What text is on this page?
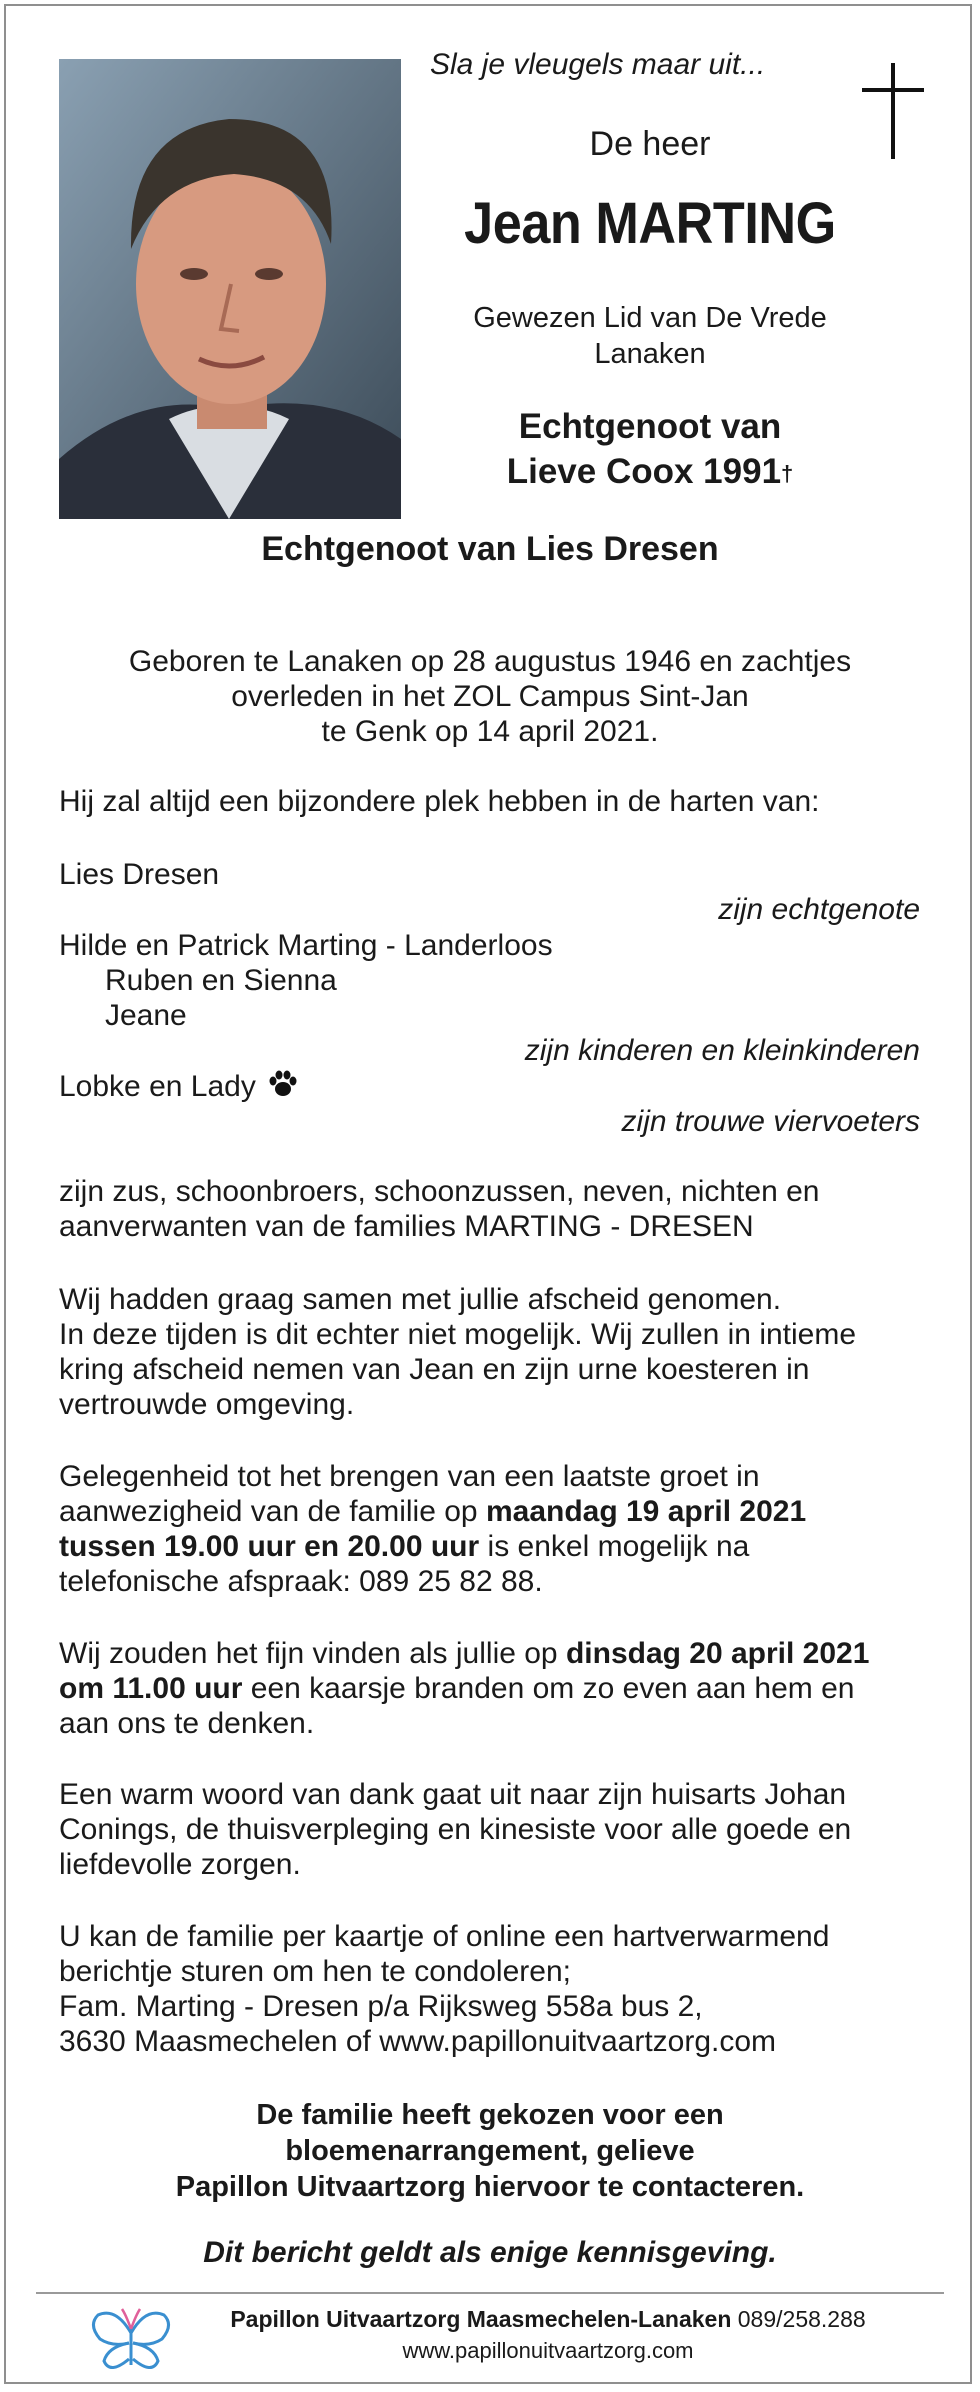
Sla je vleugels maar uit...
De heer
Jean MARTING
Gewezen Lid van De Vrede
Lanaken
Echtgenoot van
Lieve Coox 1991†
Echtgenoot van Lies Dresen
Geboren te Lanaken op 28 augustus 1946 en zachtjes
overleden in het ZOL Campus Sint-Jan
te Genk op 14 april 2021.
Hij zal altijd een bijzondere plek hebben in de harten van:
Lies Dresen
zijn echtgenote
Hilde en Patrick Marting - Landerloos
Ruben en Sienna
Jeane
zijn kinderen en kleinkinderen
Lobke en Lady
zijn trouwe viervoeters
zijn zus, schoonbroers, schoonzussen, neven, nichten en
aanverwanten van de families MARTING - DRESEN
Wij hadden graag samen met jullie afscheid genomen.
In deze tijden is dit echter niet mogelijk. Wij zullen in intieme
kring afscheid nemen van Jean en zijn urne koesteren in
vertrouwde omgeving.
Gelegenheid tot het brengen van een laatste groet in
aanwezigheid van de familie op maandag 19 april 2021
tussen 19.00 uur en 20.00 uur is enkel mogelijk na
telefonische afspraak: 089 25 82 88.
Wij zouden het fijn vinden als jullie op dinsdag 20 april 2021
om 11.00 uur een kaarsje branden om zo even aan hem en
aan ons te denken.
Een warm woord van dank gaat uit naar zijn huisarts Johan
Conings, de thuisverpleging en kinesiste voor alle goede en
liefdevolle zorgen.
U kan de familie per kaartje of online een hartverwarmend
berichtje sturen om hen te condoleren;
Fam. Marting - Dresen p/a Rijksweg 558a bus 2,
3630 Maasmechelen of www.papillonuitvaartzorg.com
De familie heeft gekozen voor een
bloemenarrangement, gelieve
Papillon Uitvaartzorg hiervoor te contacteren.
Dit bericht geldt als enige kennisgeving.
Papillon Uitvaartzorg Maasmechelen-Lanaken 089/258.288
www.papillonuitvaartzorg.com
